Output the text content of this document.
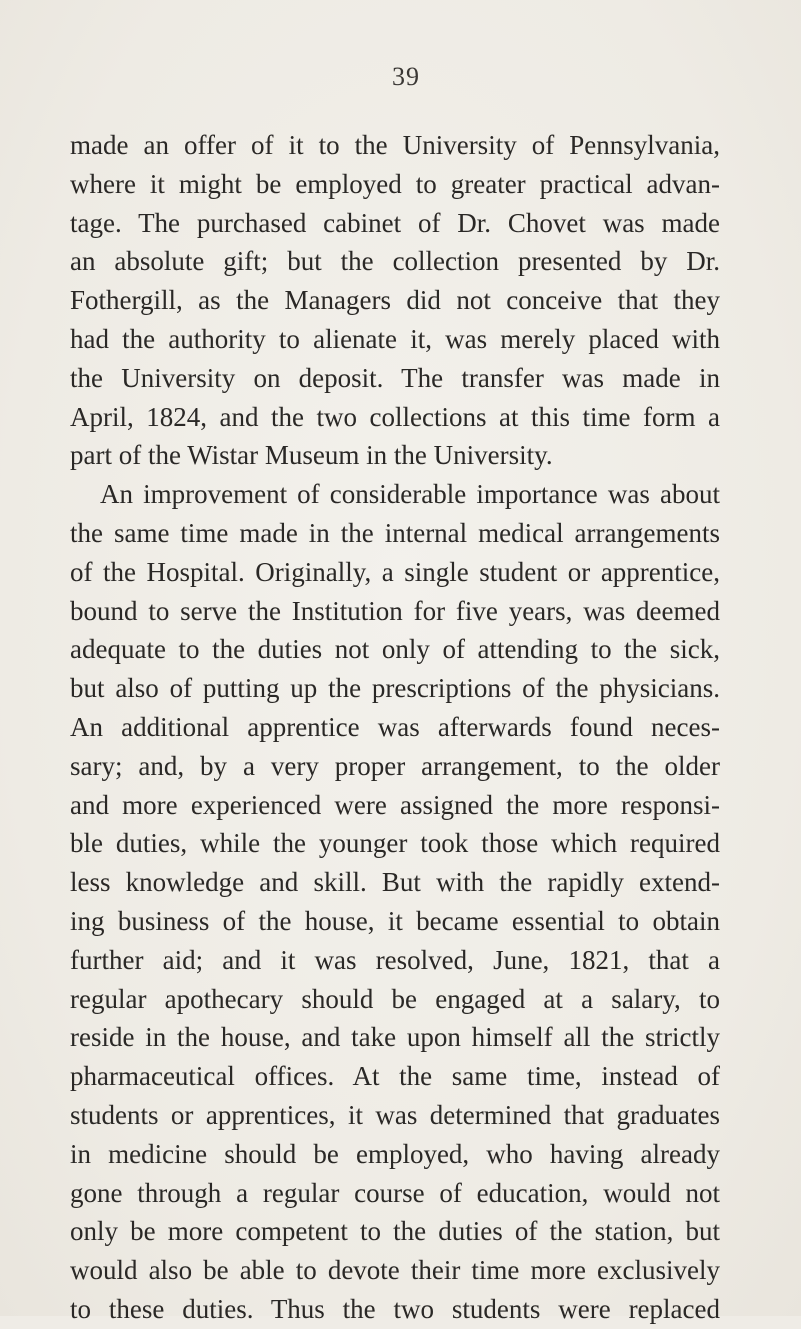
39
made an offer of it to the University of Pennsylvania,
where it might be employed to greater practical advan-
tage. The purchased cabinet of Dr. Chovet was made
an absolute gift; but the collection presented by Dr.
Fothergill, as the Managers did not conceive that they
had the authority to alienate it, was merely placed with
the University on deposit. The transfer was made in
April, 1824, and the two collections at this time form a
part of the Wistar Museum in the University.
An improvement of considerable importance was about
the same time made in the internal medical arrangements
of the Hospital. Originally, a single student or apprentice,
bound to serve the Institution for five years, was deemed
adequate to the duties not only of attending to the sick,
but also of putting up the prescriptions of the physicians.
An additional apprentice was afterwards found neces-
sary; and, by a very proper arrangement, to the older
and more experienced were assigned the more responsi-
ble duties, while the younger took those which required
less knowledge and skill. But with the rapidly extend-
ing business of the house, it became essential to obtain
further aid; and it was resolved, June, 1821, that a
regular apothecary should be engaged at a salary, to
reside in the house, and take upon himself all the strictly
pharmaceutical offices. At the same time, instead of
students or apprentices, it was determined that graduates
in medicine should be employed, who having already
gone through a regular course of education, would not
only be more competent to the duties of the station, but
would also be able to devote their time more exclusively
to these duties. Thus the two students were replaced
